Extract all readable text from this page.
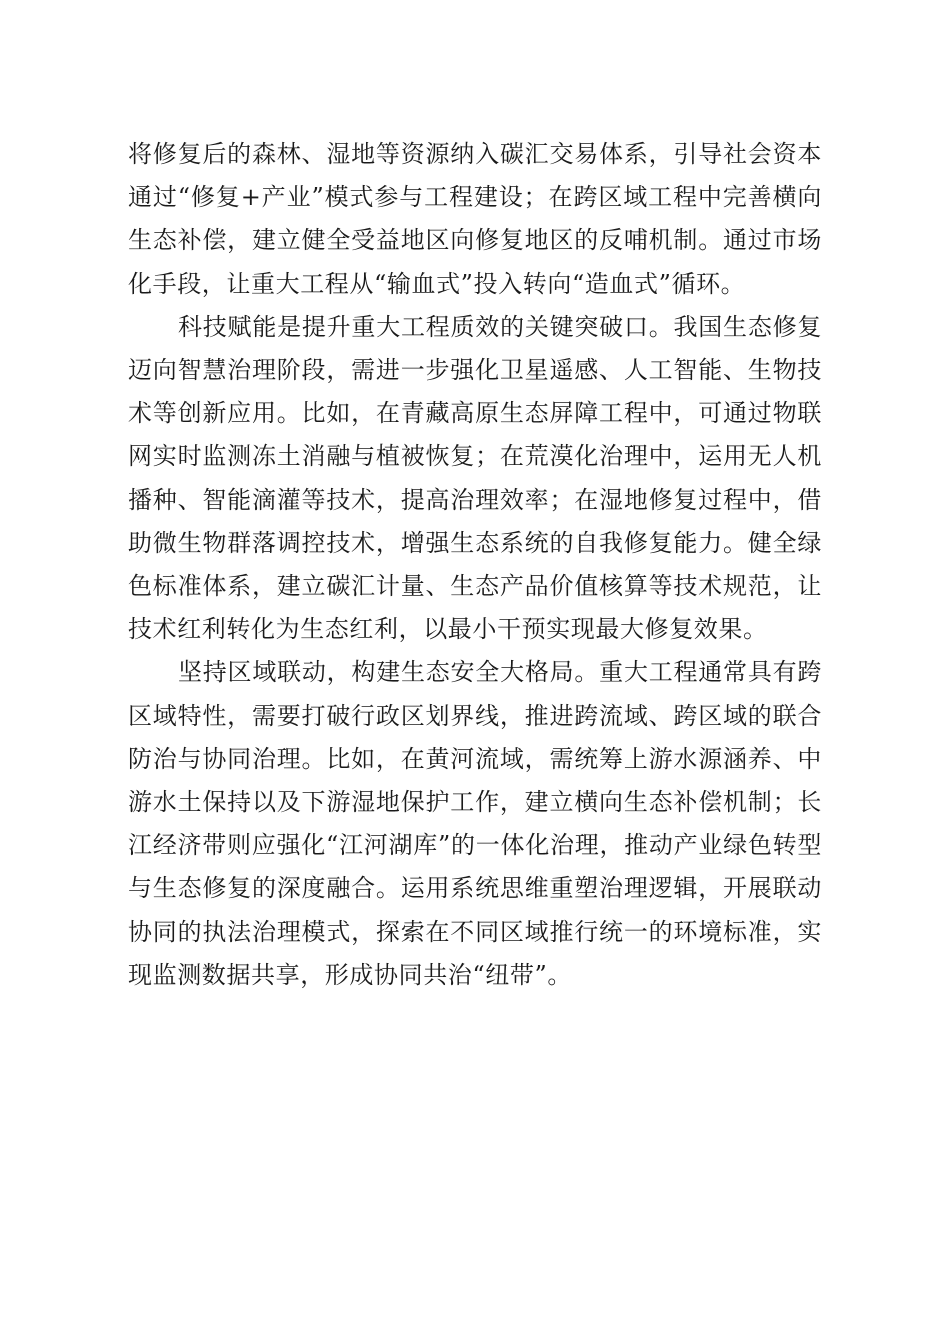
将修复后的森林、湿地等资源纳入碳汇交易体系，引导社会资本通过“修复+产业”模式参与工程建设；在跨区域工程中完善横向生态补偿，建立健全受益地区向修复地区的反哺机制。通过市场化手段，让重大工程从“输血式”投入转向“造血式”循环。

科技赋能是提升重大工程质效的关键突破口。我国生态修复迈向智慧治理阶段，需进一步强化卫星遥感、人工智能、生物技术等创新应用。比如，在青藏高原生态屏障工程中，可通过物联网实时监测冻土消融与植被恢复；在荒漠化治理中，运用无人机播种、智能滴灌等技术，提高治理效率；在湿地修复过程中，借助微生物群落调控技术，增强生态系统的自我修复能力。健全绿色标准体系，建立碳汇计量、生态产品价值核算等技术规范，让技术红利转化为生态红利，以最小干预实现最大修复效果。

坚持区域联动，构建生态安全大格局。重大工程通常具有跨区域特性，需要打破行政区划界线，推进跨流域、跨区域的联合防治与协同治理。比如，在黄河流域，需统筹上游水源涵养、中游水土保持以及下游湿地保护工作，建立横向生态补偿机制；长江经济带则应强化“江河湖库”的一体化治理，推动产业绿色转型与生态修复的深度融合。运用系统思维重塑治理逻辑，开展联动协同的执法治理模式，探索在不同区域推行统一的环境标准，实现监测数据共享，形成协同共治“纽带”。
